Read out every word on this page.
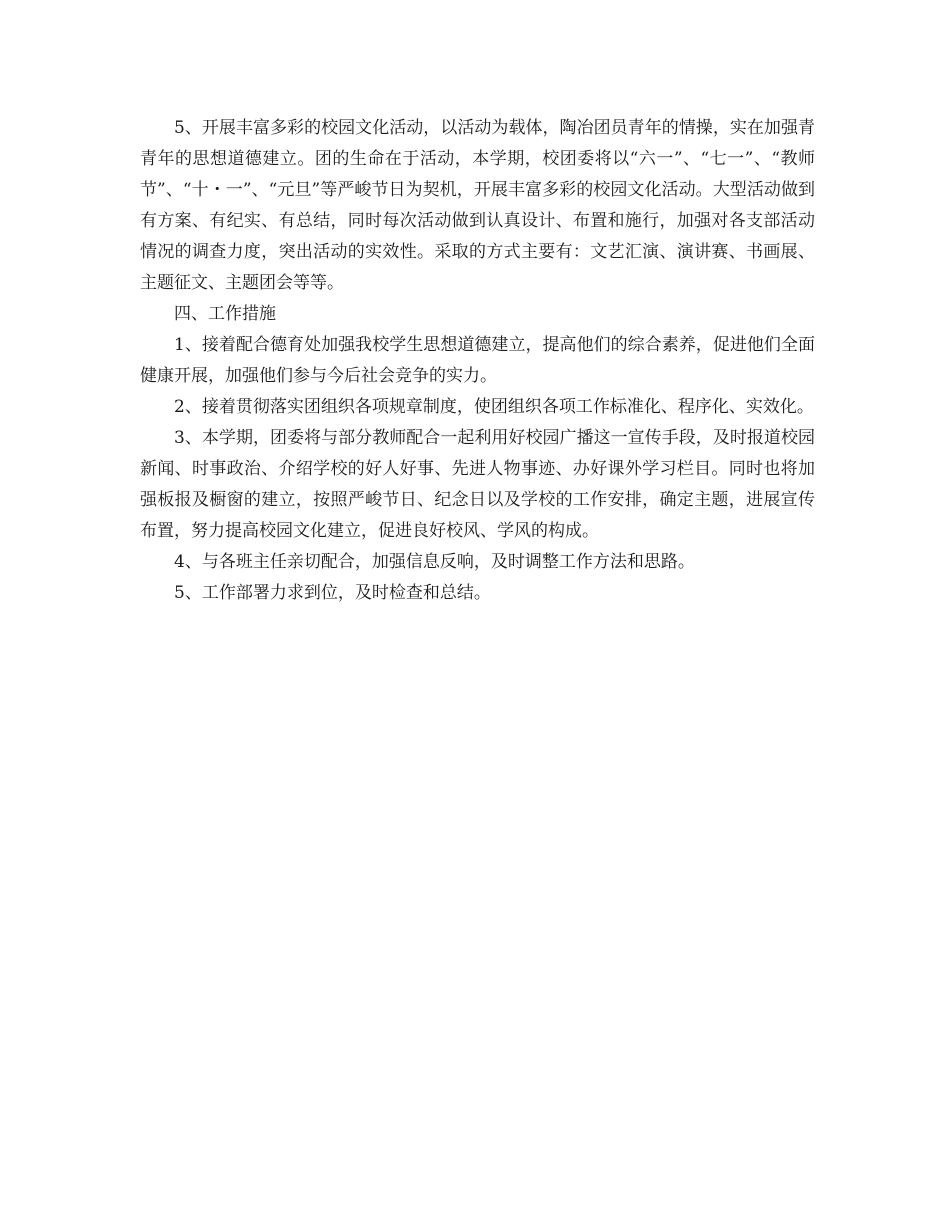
5、开展丰富多彩的校园文化活动，以活动为载体，陶冶团员青年的情操，实在加强青青年的思想道德建立。团的生命在于活动，本学期，校团委将以“六一”、“七一”、“教师节”、“十・一”、“元旦”等严峻节日为契机，开展丰富多彩的校园文化活动。大型活动做到有方案、有纪实、有总结，同时每次活动做到认真设计、布置和施行，加强对各支部活动情况的调查力度，突出活动的实效性。采取的方式主要有：文艺汇演、演讲赛、书画展、主题征文、主题团会等等。

四、工作措施

1、接着配合德育处加强我校学生思想道德建立，提高他们的综合素养，促进他们全面健康开展，加强他们参与今后社会竞争的实力。

2、接着贯彻落实团组织各项规章制度，使团组织各项工作标准化、程序化、实效化。

3、本学期，团委将与部分教师配合一起利用好校园广播这一宣传手段，及时报道校园新闻、时事政治、介绍学校的好人好事、先进人物事迹、办好课外学习栏目。同时也将加强板报及橱窗的建立，按照严峻节日、纪念日以及学校的工作安排，确定主题，进展宣传布置，努力提高校园文化建立，促进良好校风、学风的构成。

4、与各班主任亲切配合，加强信息反响，及时调整工作方法和思路。

5、工作部署力求到位，及时检查和总结。
